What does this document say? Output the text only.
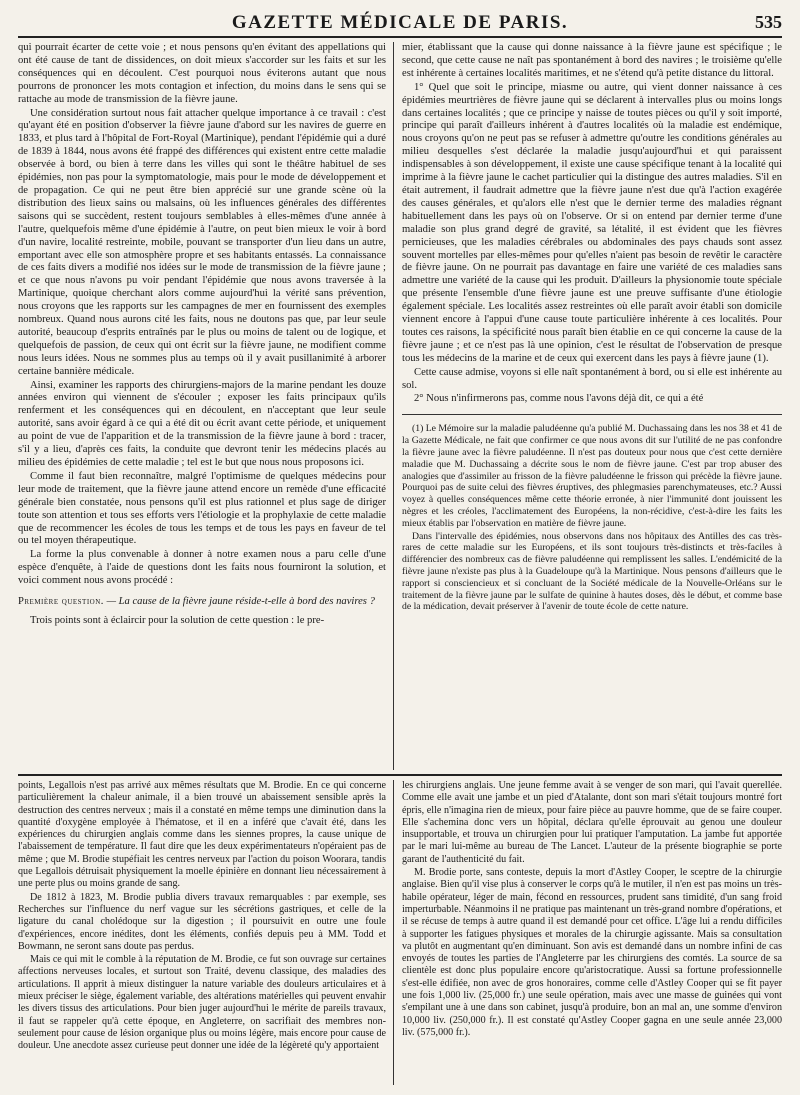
GAZETTE MÉDICALE DE PARIS.	535

qui pourrait écarter de cette voie ; et nous pensons qu'en évitant des appellations qui ont été cause de tant de dissidences, on doit mieux s'accorder sur les faits et sur les conséquences qui en découlent. C'est pourquoi nous éviterons autant que nous pourrons de prononcer les mots contagion et infection, du moins dans le sens qui se rattache au mode de transmission de la fièvre jaune.

Une considération surtout nous fait attacher quelque importance à ce travail : c'est qu'ayant été en position d'observer la fièvre jaune d'abord sur les navires de guerre en 1833, et plus tard à l'hôpital de Fort-Royal (Martinique), pendant l'épidémie qui a duré de 1839 à 1844, nous avons été frappé des différences qui existent entre cette maladie observée à bord, ou bien à terre dans les villes qui sont le théâtre habituel de ses épidémies, non pas pour la symptomatologie, mais pour le mode de développement et de propagation. Ce qui ne peut être bien apprécié sur une grande scène où la distribution des lieux sains ou malsains, où les influences générales des différentes saisons qui se succèdent, restent toujours semblables à elles-mêmes d'une année à l'autre, quelquefois même d'une épidémie à l'autre, on peut bien mieux le voir à bord d'un navire, localité restreinte, mobile, pouvant se transporter d'un lieu dans un autre, emportant avec elle son atmosphère propre et ses habitants entassés. La connaissance de ces faits divers a modifié nos idées sur le mode de transmission de la fièvre jaune ; et ce que nous n'avons pu voir pendant l'épidémie que nous avons traversée à la Martinique, quoique cherchant alors comme aujourd'hui la vérité sans prévention, nous croyons que les rapports sur les campagnes de mer en fournissent des exemples nombreux. Quand nous aurons cité les faits, nous ne doutons pas que, par leur seule autorité, beaucoup d'esprits entraînés par le plus ou moins de talent ou de logique, et quelquefois de passion, de ceux qui ont écrit sur la fièvre jaune, ne modifient comme nous leurs idées. Nous ne sommes plus au temps où il y avait pusillanimité à arborer certaine bannière médicale.

Ainsi, examiner les rapports des chirurgiens-majors de la marine pendant les douze années environ qui viennent de s'écouler ; exposer les faits principaux qu'ils renferment et les conséquences qui en découlent, en n'acceptant que leur seule autorité, sans avoir égard à ce qui a été dit ou écrit avant cette période, et uniquement au point de vue de l'apparition et de la transmission de la fièvre jaune à bord : tracer, s'il y a lieu, d'après ces faits, la conduite que devront tenir les médecins placés au milieu des épidémies de cette maladie ; tel est le but que nous nous proposons ici.

Comme il faut bien reconnaître, malgré l'optimisme de quelques médecins pour leur mode de traitement, que la fièvre jaune attend encore un remède d'une efficacité générale bien constatée, nous pensons qu'il est plus rationnel et plus sage de diriger toute son attention et tous ses efforts vers l'étiologie et la prophylaxie de cette maladie que de recommencer les écoles de tous les temps et de tous les pays en faveur de tel ou tel moyen thérapeutique.

La forme la plus convenable à donner à notre examen nous a paru celle d'une espèce d'enquête, à l'aide de questions dont les faits nous fourniront la solution, et voici comment nous avons procédé :

Première question. — La cause de la fièvre jaune réside-t-elle à bord des navires ?

Trois points sont à éclaircir pour la solution de cette question : le pre-

mier, établissant que la cause qui donne naissance à la fièvre jaune est spécifique ; le second, que cette cause ne naît pas spontanément à bord des navires ; le troisième qu'elle est inhérente à certaines localités maritimes, et ne s'étend qu'à petite distance du littoral.

1° Quel que soit le principe, miasme ou autre, qui vient donner naissance à ces épidémies meurtrières de fièvre jaune qui se déclarent à intervalles plus ou moins longs dans certaines localités ; que ce principe y naisse de toutes pièces ou qu'il y soit importé, principe qui paraît d'ailleurs inhérent à d'autres localités où la maladie est endémique, nous croyons qu'on ne peut pas se refuser à admettre qu'outre les conditions générales au milieu desquelles s'est déclarée la maladie jusqu'aujourd'hui et qui paraissent indispensables à son développement, il existe une cause spécifique tenant à la localité qui imprime à la fièvre jaune le cachet particulier qui la distingue des autres maladies. S'il en était autrement, il faudrait admettre que la fièvre jaune n'est due qu'à l'action exagérée des causes générales, et qu'alors elle n'est que le dernier terme des maladies régnant habituellement dans les pays où on l'observe. Or si on entend par dernier terme d'une maladie son plus grand degré de gravité, sa létalité, il est évident que les fièvres pernicieuses, que les maladies cérébrales ou abdominales des pays chauds sont assez souvent mortelles par elles-mêmes pour qu'elles n'aient pas besoin de revêtir le caractère de fièvre jaune. On ne pourrait pas davantage en faire une variété de ces maladies sans admettre une variété de la cause qui les produit. D'ailleurs la physionomie toute spéciale que présente l'ensemble d'une fièvre jaune est une preuve suffisante d'une étiologie également spéciale. Les localités assez restreintes où elle paraît avoir établi son domicile viennent encore à l'appui d'une cause toute particulière inhérente à ces localités. Pour toutes ces raisons, la spécificité nous paraît bien établie en ce qui concerne la cause de la fièvre jaune ; et ce n'est pas là une opinion, c'est le résultat de l'observation de presque tous les médecins de la marine et de ceux qui exercent dans les pays à fièvre jaune (1).

Cette cause admise, voyons si elle naît spontanément à bord, ou si elle est inhérente au sol.

2° Nous n'infirmerons pas, comme nous l'avons déjà dit, ce qui a été

(1) Le Mémoire sur la maladie paludéenne qu'a publié M. Duchassaing dans les nos 38 et 41 de la Gazette Médicale, ne fait que confirmer ce que nous avons dit sur l'utilité de ne pas confondre la fièvre jaune avec la fièvre paludéenne. Il n'est pas douteux pour nous que c'est cette dernière maladie que M. Duchassaing a décrite sous le nom de fièvre jaune. C'est par trop abuser des analogies que d'assimiler au frisson de la fièvre paludéenne le frisson qui précède la fièvre jaune. Pourquoi pas de suite celui des fièvres éruptives, des phlegmasies parenchymateuses, etc.? Aussi voyez à quelles conséquences même cette théorie erronée, à nier l'immunité dont jouissent les nègres et les créoles, l'acclimatement des Européens, la non-récidive, c'est-à-dire les faits les mieux établis par l'observation en matière de fièvre jaune.

Dans l'intervalle des épidémies, nous observons dans nos hôpitaux des Antilles des cas très-rares de cette maladie sur les Européens, et ils sont toujours très-distincts et très-faciles à différencier des nombreux cas de fièvre paludéenne qui remplissent les salles. L'endémicité de la fièvre jaune n'existe pas plus à la Guadeloupe qu'à la Martinique. Nous pensons d'ailleurs que le rapport si consciencieux et si concluant de la Société médicale de la Nouvelle-Orléans sur le traitement de la fièvre jaune par le sulfate de quinine à hautes doses, dès le début, et comme base de la médication, devait préserver à l'avenir de toute école de cette nature.

points, Legallois n'est pas arrivé aux mêmes résultats que M. Brodie. En ce qui concerne particulièrement la chaleur animale, il a bien trouvé un abaissement sensible après la destruction des centres nerveux ; mais il a constaté en même temps une diminution dans la quantité d'oxygène employée à l'hématose, et il en a inféré que c'avait été, dans les expériences du chirurgien anglais comme dans les siennes propres, la cause unique de l'abaissement de température. Il faut dire que les deux expérimentateurs n'opéraient pas de même ; que M. Brodie stupéfiait les centres nerveux par l'action du poison Woorara, tandis que Legallois détruisait physiquement la moelle épinière en donnant lieu nécessairement à une perte plus ou moins grande de sang.

De 1812 à 1823, M. Brodie publia divers travaux remarquables : par exemple, ses Recherches sur l'influence du nerf vague sur les sécrétions gastriques, et celle de la ligature du canal cholédoque sur la digestion ; il poursuivit en outre une foule d'expériences, encore inédites, dont les éléments, confiés depuis peu à MM. Todd et Bowmann, ne seront sans doute pas perdus.

Mais ce qui mit le comble à la réputation de M. Brodie, ce fut son ouvrage sur certaines affections nerveuses locales, et surtout son Traité, devenu classique, des maladies des articulations. Il apprit à mieux distinguer la nature variable des douleurs articulaires et à mieux préciser le siège, également variable, des altérations matérielles qui peuvent envahir les divers tissus des articulations. Pour bien juger aujourd'hui le mérite de pareils travaux, il faut se rappeler qu'à cette époque, en Angleterre, on sacrifiait des membres non-seulement pour cause de lésion organique plus ou moins légère, mais encore pour cause de douleur. Une anecdote assez curieuse peut donner une idée de la légèreté qu'y apportaient

les chirurgiens anglais. Une jeune femme avait à se venger de son mari, qui l'avait querellée. Comme elle avait une jambe et un pied d'Atalante, dont son mari s'était toujours montré fort épris, elle n'imagina rien de mieux, pour faire pièce au pauvre homme, que de se faire couper. Elle s'achemina donc vers un hôpital, déclara qu'elle éprouvait au genou une douleur insupportable, et trouva un chirurgien pour lui pratiquer l'amputation. La jambe fut apportée par le mari lui-même au bureau de The Lancet. L'auteur de la présente biographie se porte garant de l'authenticité du fait.

M. Brodie porte, sans conteste, depuis la mort d'Astley Cooper, le sceptre de la chirurgie anglaise. Bien qu'il vise plus à conserver le corps qu'à le mutiler, il n'en est pas moins un très-habile opérateur, léger de main, fécond en ressources, prudent sans timidité, d'un sang froid imperturbable. Néanmoins il ne pratique pas maintenant un très-grand nombre d'opérations, et il se récuse de temps à autre quand il est demandé pour cet office. L'âge lui a rendu difficiles à supporter les fatigues physiques et morales de la chirurgie agissante. Mais sa consultation va plutôt en augmentant qu'en diminuant. Son avis est demandé dans un nombre infini de cas envoyés de toutes les parties de l'Angleterre par les chirurgiens des comtés. La source de sa clientèle est donc plus populaire encore qu'aristocratique. Aussi sa fortune professionnelle s'est-elle édifiée, non avec de gros honoraires, comme celle d'Astley Cooper qui se fit payer une fois 1,000 liv. (25,000 fr.) une seule opération, mais avec une masse de guinées qui vont s'empilant une à une dans son cabinet, jusqu'à produire, bon an mal an, une somme d'environ 10,000 liv. (250,000 fr.). Il est constaté qu'Astley Cooper gagna en une seule année 23,000 liv. (575,000 fr.).
